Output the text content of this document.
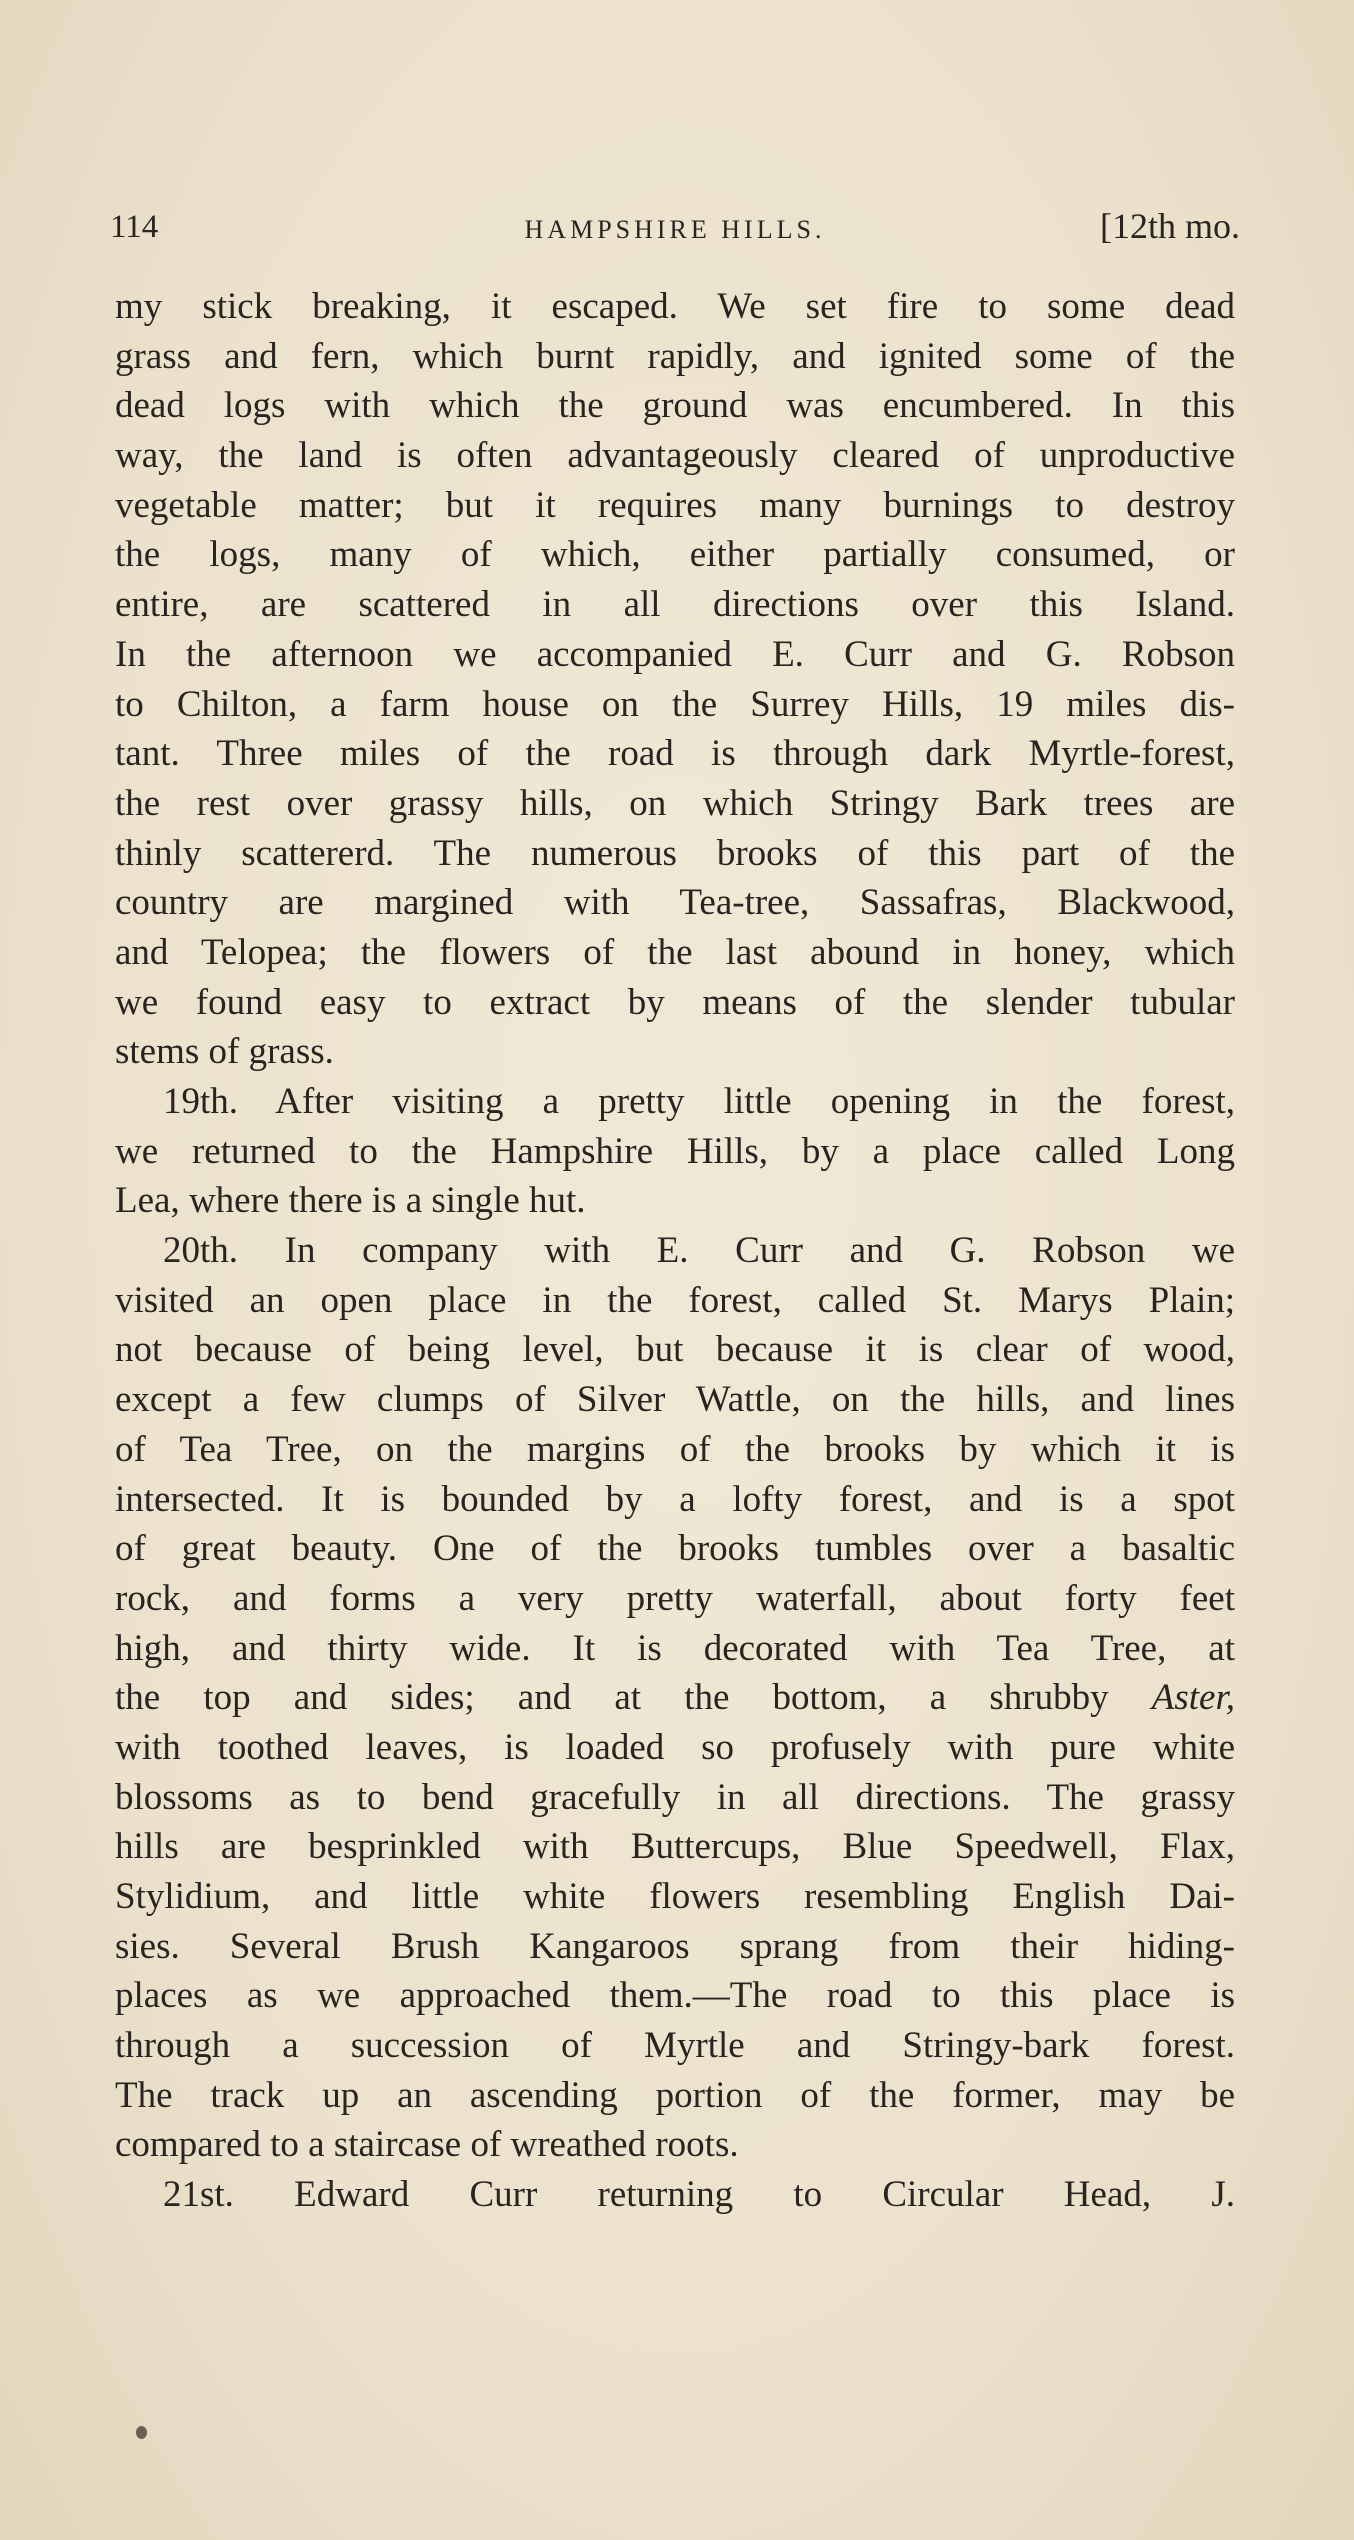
114	HAMPSHIRE HILLS.	[12th mo.
my stick breaking, it escaped. We set fire to some dead
grass and fern, which burnt rapidly, and ignited some of the
dead logs with which the ground was encumbered. In this
way, the land is often advantageously cleared of unproductive
vegetable matter; but it requires many burnings to destroy
the logs, many of which, either partially consumed, or
entire, are scattered in all directions over this Island.
In the afternoon we accompanied E. Curr and G. Robson
to Chilton, a farm house on the Surrey Hills, 19 miles dis-
tant. Three miles of the road is through dark Myrtle-forest,
the rest over grassy hills, on which Stringy Bark trees are
thinly scattererd. The numerous brooks of this part of the
country are margined with Tea-tree, Sassafras, Blackwood,
and Telopea; the flowers of the last abound in honey, which
we found easy to extract by means of the slender tubular
stems of grass.
19th. After visiting a pretty little opening in the forest,
we returned to the Hampshire Hills, by a place called Long
Lea, where there is a single hut.
20th. In company with E. Curr and G. Robson we
visited an open place in the forest, called St. Marys Plain;
not because of being level, but because it is clear of wood,
except a few clumps of Silver Wattle, on the hills, and lines
of Tea Tree, on the margins of the brooks by which it is
intersected. It is bounded by a lofty forest, and is a spot
of great beauty. One of the brooks tumbles over a basaltic
rock, and forms a very pretty waterfall, about forty feet
high, and thirty wide. It is decorated with Tea Tree, at
the top and sides; and at the bottom, a shrubby Aster,
with toothed leaves, is loaded so profusely with pure white
blossoms as to bend gracefully in all directions. The grassy
hills are besprinkled with Buttercups, Blue Speedwell, Flax,
Stylidium, and little white flowers resembling English Dai-
sies. Several Brush Kangaroos sprang from their hiding-
places as we approached them.—The road to this place is
through a succession of Myrtle and Stringy-bark forest.
The track up an ascending portion of the former, may be
compared to a staircase of wreathed roots.
21st. Edward Curr returning to Circular Head, J.
